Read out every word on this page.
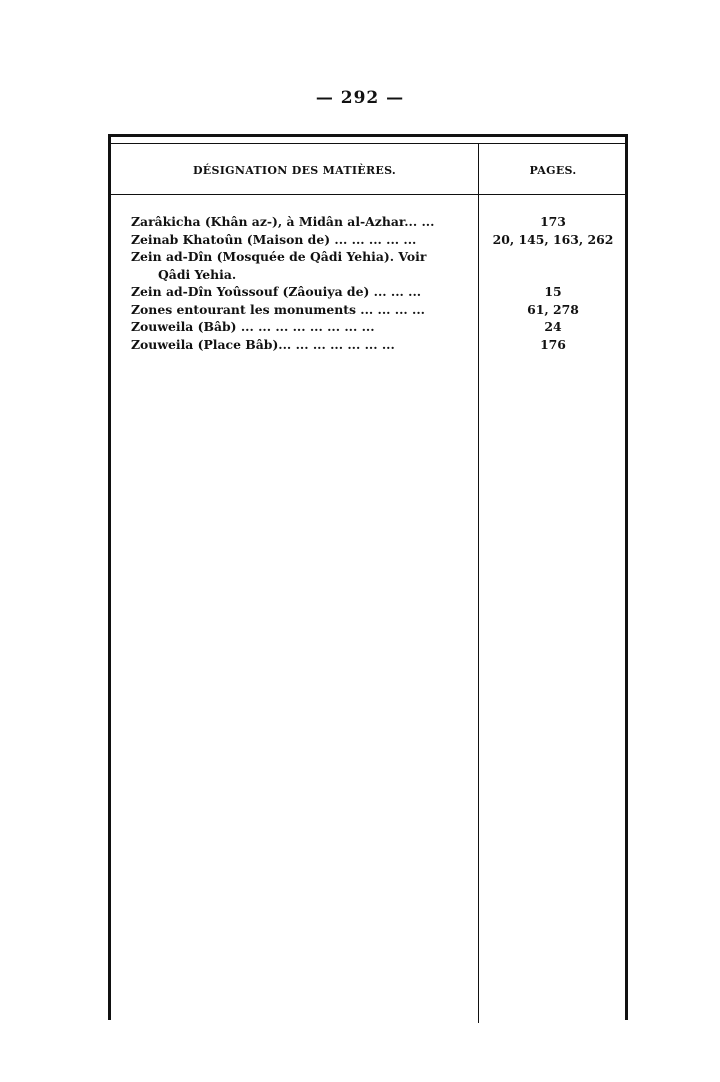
— 292 —
DÉSIGNATION DES MATIÈRES.	PAGES.
Zarâkicha (Khân az-), à Midân al-Azhar... ...	173
Zeinab Khatoûn (Maison de) ... ... ... ... ...	20, 145, 163, 262
Zein ad-Dîn (Mosquée de Qâdi Yehia). Voir
Qâdi Yehia.
Zein ad-Dîn Yoûssouf (Zâouiya de) ... ... ...	15
Zones entourant les monuments ... ... ... ...	61, 278
Zouweila (Bâb) ... ... ... ... ... ... ... ...	24
Zouweila (Place Bâb)... ... ... ... ... ... ...	176
